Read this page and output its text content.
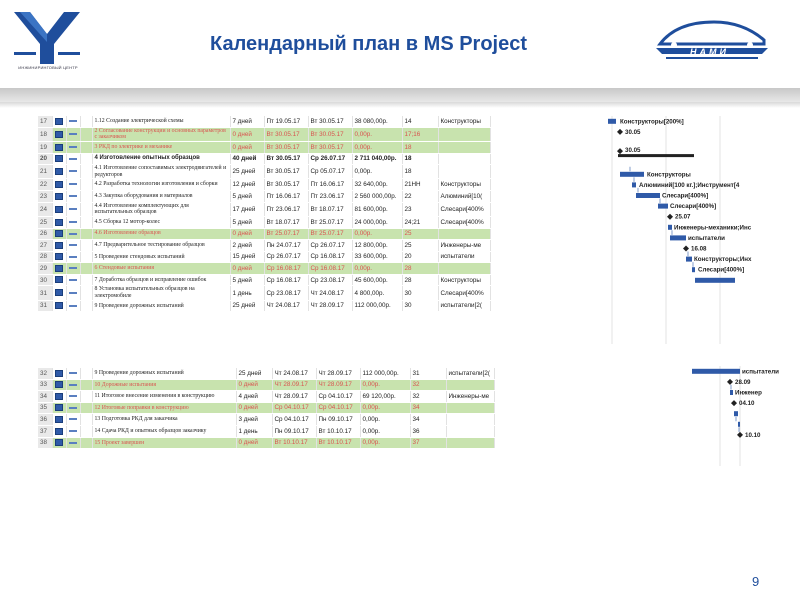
ИНЖИНИРИНГОВЫЙ ЦЕНТР
Календарный план в MS Project	НАМИ
17				1.12 Создание электрической схемы	7 дней	Пт 19.05.17	Вт 30.05.17	38 080,00р.	14	Конструкторы
18				2 Согласование конструкции и основных параметров с заказчиком	0 дней	Вт 30.05.17	Вт 30.05.17	0,00р.	17;16	
19				3 РКД по электрике и механике	0 дней	Вт 30.05.17	Вт 30.05.17	0,00р.	18	
20				4 Изготовление опытных образцов	40 дней	Вт 30.05.17	Ср 26.07.17	2 711 040,00р.	18	
21				4.1 Изготовление сопоставимых электродвигателей и редукторов	25 дней	Вт 30.05.17	Ср 05.07.17	0,00р.	18	
22				4.2 Разработка технологии изготовления и сборки	12 дней	Вт 30.05.17	Пт 16.06.17	32 640,00р.	21НН	Конструкторы
23				4.3 Закупка оборудования и материалов	5 дней	Пт 16.06.17	Пт 23.06.17	2 560 000,00р.	22	Алюминий[10(
24				4.4 Изготовление комплектующих для испытательных образцов	17 дней	Пт 23.06.17	Вт 18.07.17	81 600,00р.	23	Слесари[400%
25				4.5 Сборка 12 мотор-колес	5 дней	Вт 18.07.17	Вт 25.07.17	24 000,00р.	24;21	Слесари[400%
26				4.6 Изготовление образцов	0 дней	Вт 25.07.17	Вт 25.07.17	0,00р.	25	
27				4.7 Предварительное тестирование образцов	2 дней	Пн 24.07.17	Ср 26.07.17	12 800,00р.	25	Инженеры-ме
28				5 Проведение стендовых испытаний	15 дней	Ср 26.07.17	Ср 16.08.17	33 600,00р.	20	испытатели
29				6 Стендовые испытания	0 дней	Ср 16.08.17	Ср 16.08.17	0,00р.	28	
30				7 Доработка образцов и исправление ошибок	5 дней	Ср 16.08.17	Ср 23.08.17	45 600,00р.	28	Конструкторы
31				8 Установка испытательных образцов на электромобиле	1 день	Ср 23.08.17	Чт 24.08.17	4 800,00р.	30	Слесари[400%
31				9 Проведение дорожных испытаний	25 дней	Чт 24.08.17	Чт 28.09.17	112 000,00р.	30	испытатели[2(
32				9 Проведение дорожных испытаний	25 дней	Чт 24.08.17	Чт 28.09.17	112 000,00р.	31	испытатели[2(
33				10 Дорожные испытания	0 дней	Чт 28.09.17	Чт 28.09.17	0,00р.	32	
34				11 Итоговое внесение изменения в конструкцию	4 дней	Чт 28.09.17	Ср 04.10.17	69 120,00р.	32	Инженеры-ме
35				12 Итоговые поправки в конструкцию	0 дней	Ср 04.10.17	Ср 04.10.17	0,00р.	34	
36				13 Подготовка РКД для заказчика	3 дней	Ср 04.10.17	Пн 09.10.17	0,00р.	34	
37				14 Сдача РКД и опытных образцов заказчику	1 день	Пн 09.10.17	Вт 10.10.17	0,00р.	36	
38				15 Проект завершен	0 дней	Вт 10.10.17	Вт 10.10.17	0,00р.	37	
Конструкторы[200%]
30.05
30.05
Конструкторы
Алюминий[100 кг.];Инструмент[4
Слесари[400%]
Слесари[400%]
25.07
Инженеры-механики;Инс
испытатели
16.08
Конструкторы;Инх
Слесари[400%]
испытатели
28.09
Инженер
04.10
10.10
9
